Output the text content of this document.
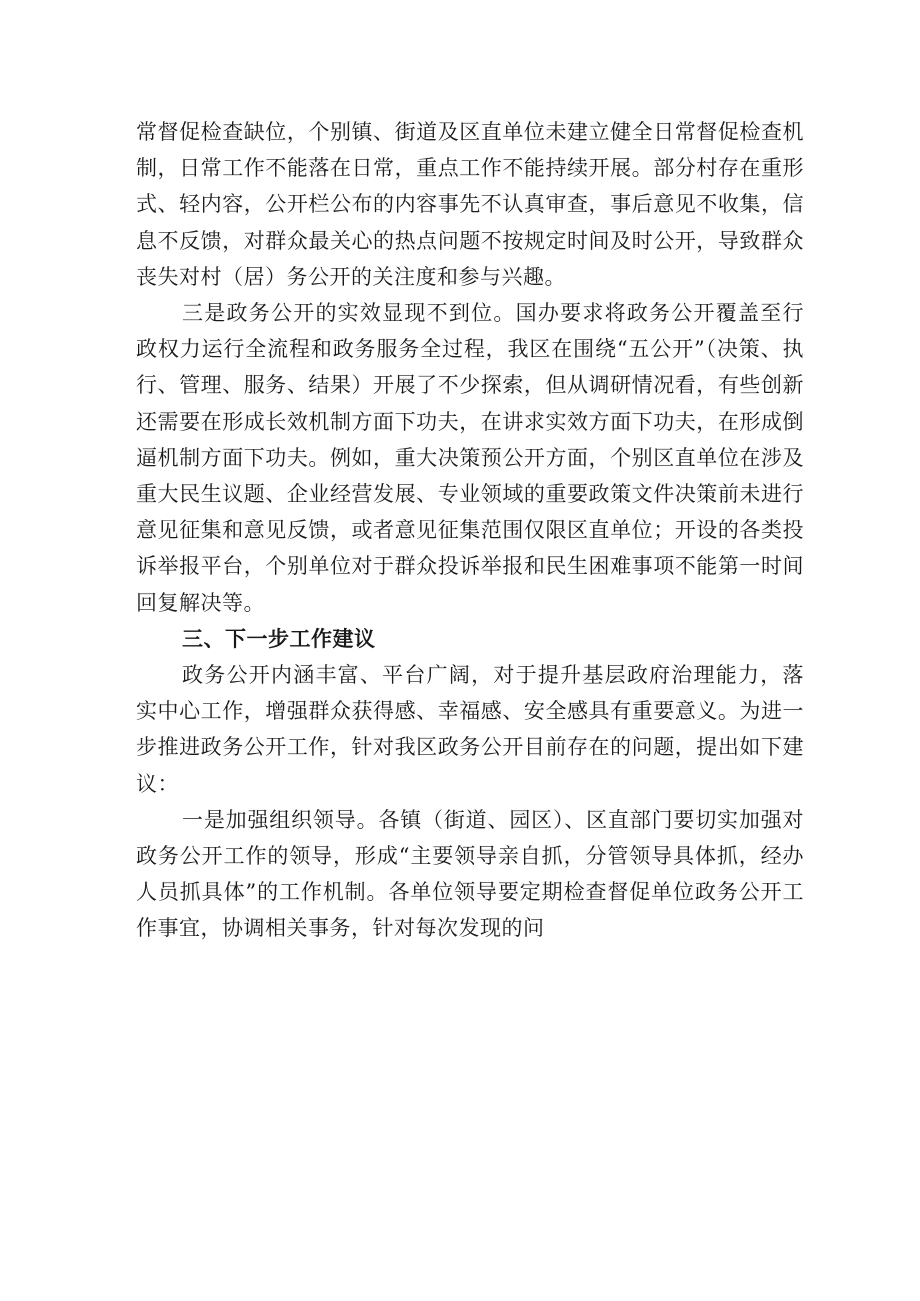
常督促检查缺位，个别镇、街道及区直单位未建立健全日常督促检查机制，日常工作不能落在日常，重点工作不能持续开展。部分村存在重形式、轻内容，公开栏公布的内容事先不认真审查，事后意见不收集，信息不反馈，对群众最关心的热点问题不按规定时间及时公开，导致群众丧失对村（居）务公开的关注度和参与兴趣。

三是政务公开的实效显现不到位。国办要求将政务公开覆盖至行政权力运行全流程和政务服务全过程，我区在围绕“五公开”（决策、执行、管理、服务、结果）开展了不少探索，但从调研情况看，有些创新还需要在形成长效机制方面下功夫，在讲求实效方面下功夫，在形成倒逼机制方面下功夫。例如，重大决策预公开方面，个别区直单位在涉及重大民生议题、企业经营发展、专业领域的重要政策文件决策前未进行意见征集和意见反馈，或者意见征集范围仅限区直单位；开设的各类投诉举报平台，个别单位对于群众投诉举报和民生困难事项不能第一时间回复解决等。

三、下一步工作建议

政务公开内涵丰富、平台广阔，对于提升基层政府治理能力，落实中心工作，增强群众获得感、幸福感、安全感具有重要意义。为进一步推进政务公开工作，针对我区政务公开目前存在的问题，提出如下建议：

一是加强组织领导。各镇（街道、园区）、区直部门要切实加强对政务公开工作的领导，形成“主要领导亲自抓，分管领导具体抓，经办人员抓具体”的工作机制。各单位领导要定期检查督促单位政务公开工作事宜，协调相关事务，针对每次发现的问
